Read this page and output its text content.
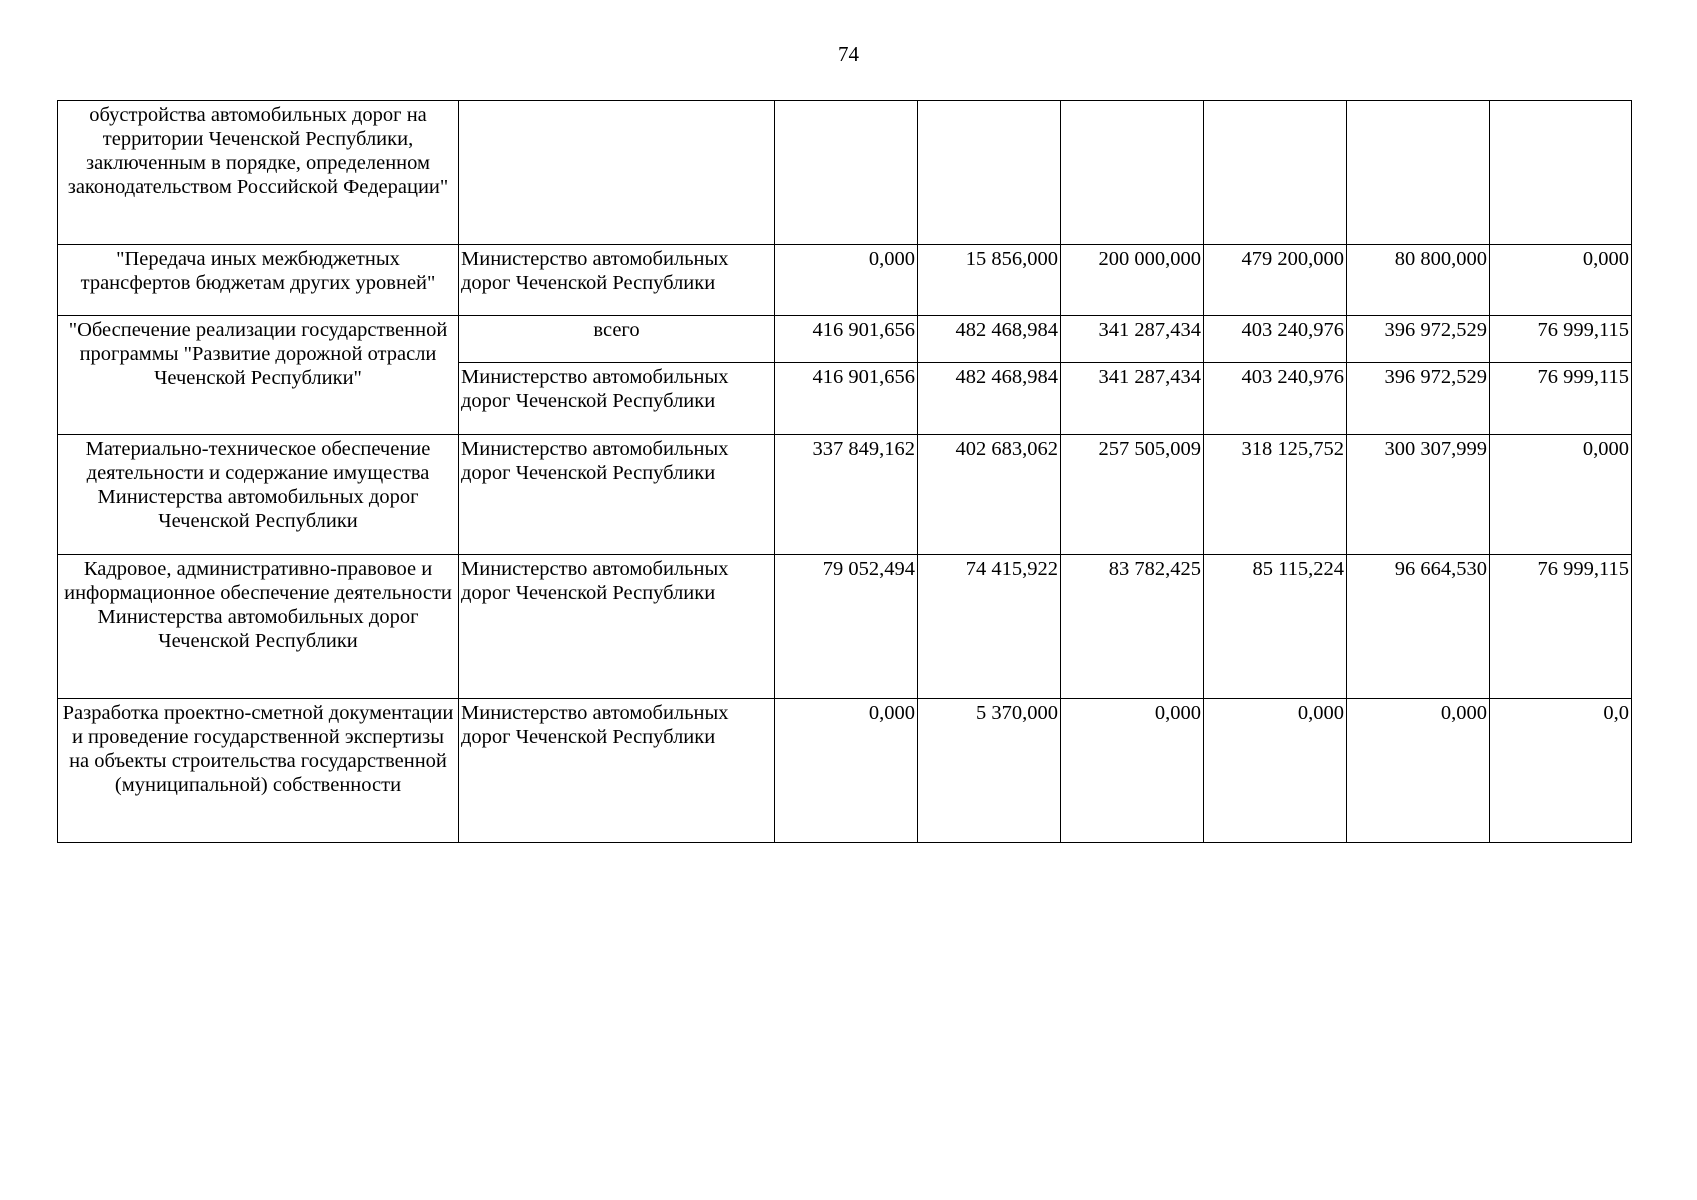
74
обустройства автомобильных дорог на территории Чеченской Республики, заключенным в порядке, определенном законодательством Российской Федерации"							
"Передача иных межбюджетных трансфертов бюджетам других уровней"	Министерство автомобильных дорог Чеченской Республики	0,000	15 856,000	200 000,000	479 200,000	80 800,000	0,000
"Обеспечение реализации государственной программы "Развитие дорожной отрасли Чеченской Республики"	всего	416 901,656	482 468,984	341 287,434	403 240,976	396 972,529	76 999,115
	Министерство автомобильных дорог Чеченской Республики	416 901,656	482 468,984	341 287,434	403 240,976	396 972,529	76 999,115
Материально-техническое обеспечение деятельности и содержание имущества Министерства автомобильных дорог Чеченской Республики	Министерство автомобильных дорог Чеченской Республики	337 849,162	402 683,062	257 505,009	318 125,752	300 307,999	0,000
Кадровое, административно-правовое и информационное обеспечение деятельности Министерства автомобильных дорог Чеченской Республики	Министерство автомобильных дорог Чеченской Республики	79 052,494	74 415,922	83 782,425	85 115,224	96 664,530	76 999,115
Разработка проектно-сметной документации и проведение государственной экспертизы на объекты строительства государственной (муниципальной) собственности	Министерство автомобильных дорог Чеченской Республики	0,000	5 370,000	0,000	0,000	0,000	0,0
